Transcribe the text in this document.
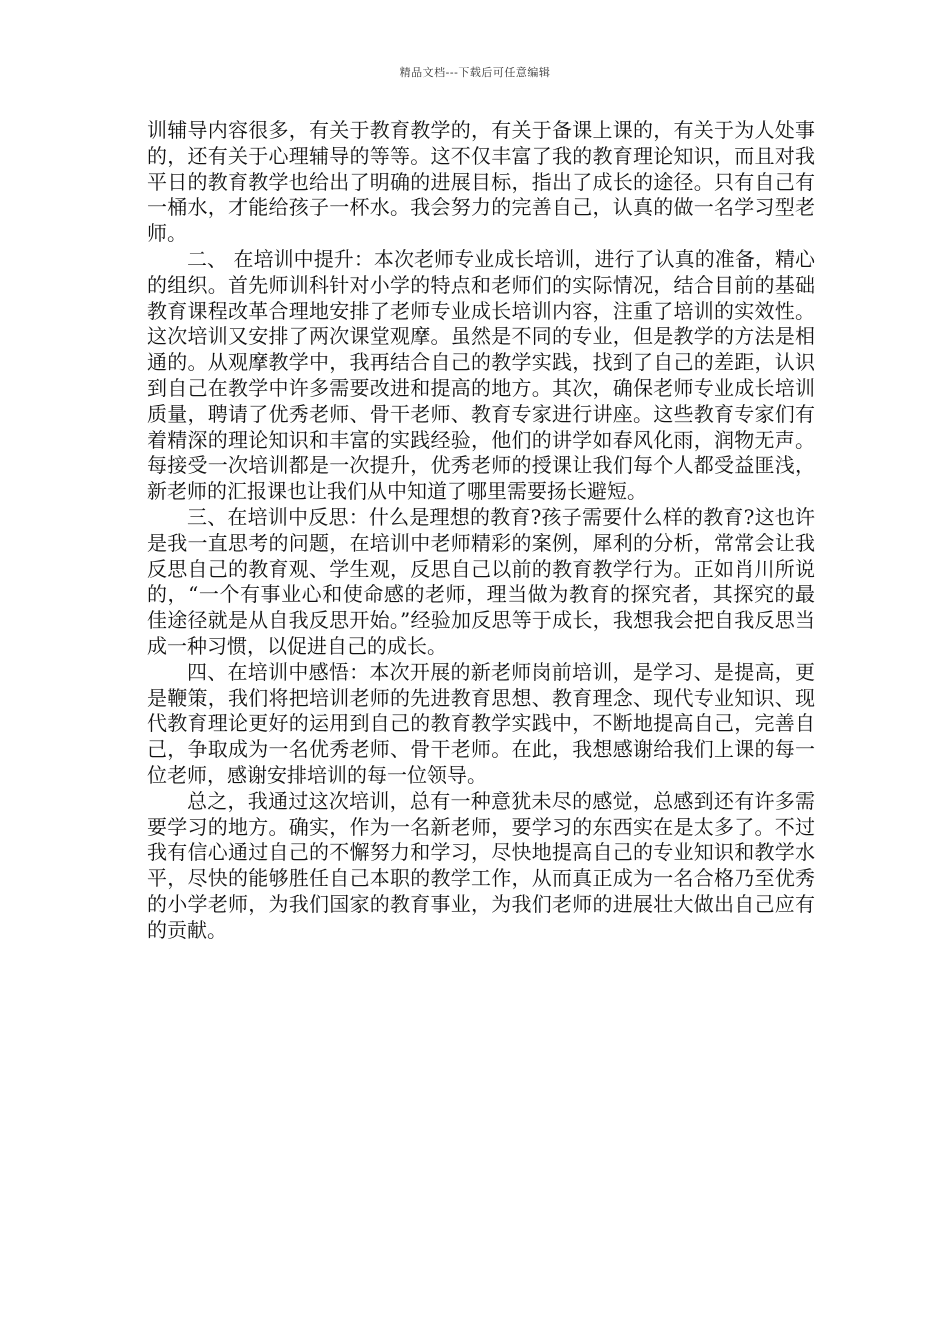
精品文档---下载后可任意编辑

训辅导内容很多，有关于教育教学的，有关于备课上课的，有关于为人处事的，还有关于心理辅导的等等。这不仅丰富了我的教育理论知识，而且对我平日的教育教学也给出了明确的进展目标，指出了成长的途径。只有自己有一桶水，才能给孩子一杯水。我会努力的完善自己，认真的做一名学习型老师。

二、 在培训中提升：本次老师专业成长培训，进行了认真的准备，精心的组织。首先师训科针对小学的特点和老师们的实际情况，结合目前的基础教育课程改革合理地安排了老师专业成长培训内容，注重了培训的实效性。这次培训又安排了两次课堂观摩。虽然是不同的专业，但是教学的方法是相通的。从观摩教学中，我再结合自己的教学实践，找到了自己的差距，认识到自己在教学中许多需要改进和提高的地方。其次，确保老师专业成长培训质量，聘请了优秀老师、骨干老师、教育专家进行讲座。这些教育专家们有着精深的理论知识和丰富的实践经验，他们的讲学如春风化雨，润物无声。每接受一次培训都是一次提升，优秀老师的授课让我们每个人都受益匪浅，新老师的汇报课也让我们从中知道了哪里需要扬长避短。

三、在培训中反思：什么是理想的教育?孩子需要什么样的教育?这也许是我一直思考的问题，在培训中老师精彩的案例，犀利的分析，常常会让我反思自己的教育观、学生观，反思自己以前的教育教学行为。正如肖川所说的，“一个有事业心和使命感的老师，理当做为教育的探究者，其探究的最佳途径就是从自我反思开始。”经验加反思等于成长，我想我会把自我反思当成一种习惯，以促进自己的成长。

四、在培训中感悟：本次开展的新老师岗前培训，是学习、是提高，更是鞭策，我们将把培训老师的先进教育思想、教育理念、现代专业知识、现代教育理论更好的运用到自己的教育教学实践中，不断地提高自己，完善自己，争取成为一名优秀老师、骨干老师。在此，我想感谢给我们上课的每一位老师，感谢安排培训的每一位领导。

总之，我通过这次培训，总有一种意犹未尽的感觉，总感到还有许多需要学习的地方。确实，作为一名新老师，要学习的东西实在是太多了。不过我有信心通过自己的不懈努力和学习，尽快地提高自己的专业知识和教学水平，尽快的能够胜任自己本职的教学工作，从而真正成为一名合格乃至优秀的小学老师，为我们国家的教育事业，为我们老师的进展壮大做出自己应有的贡献。
